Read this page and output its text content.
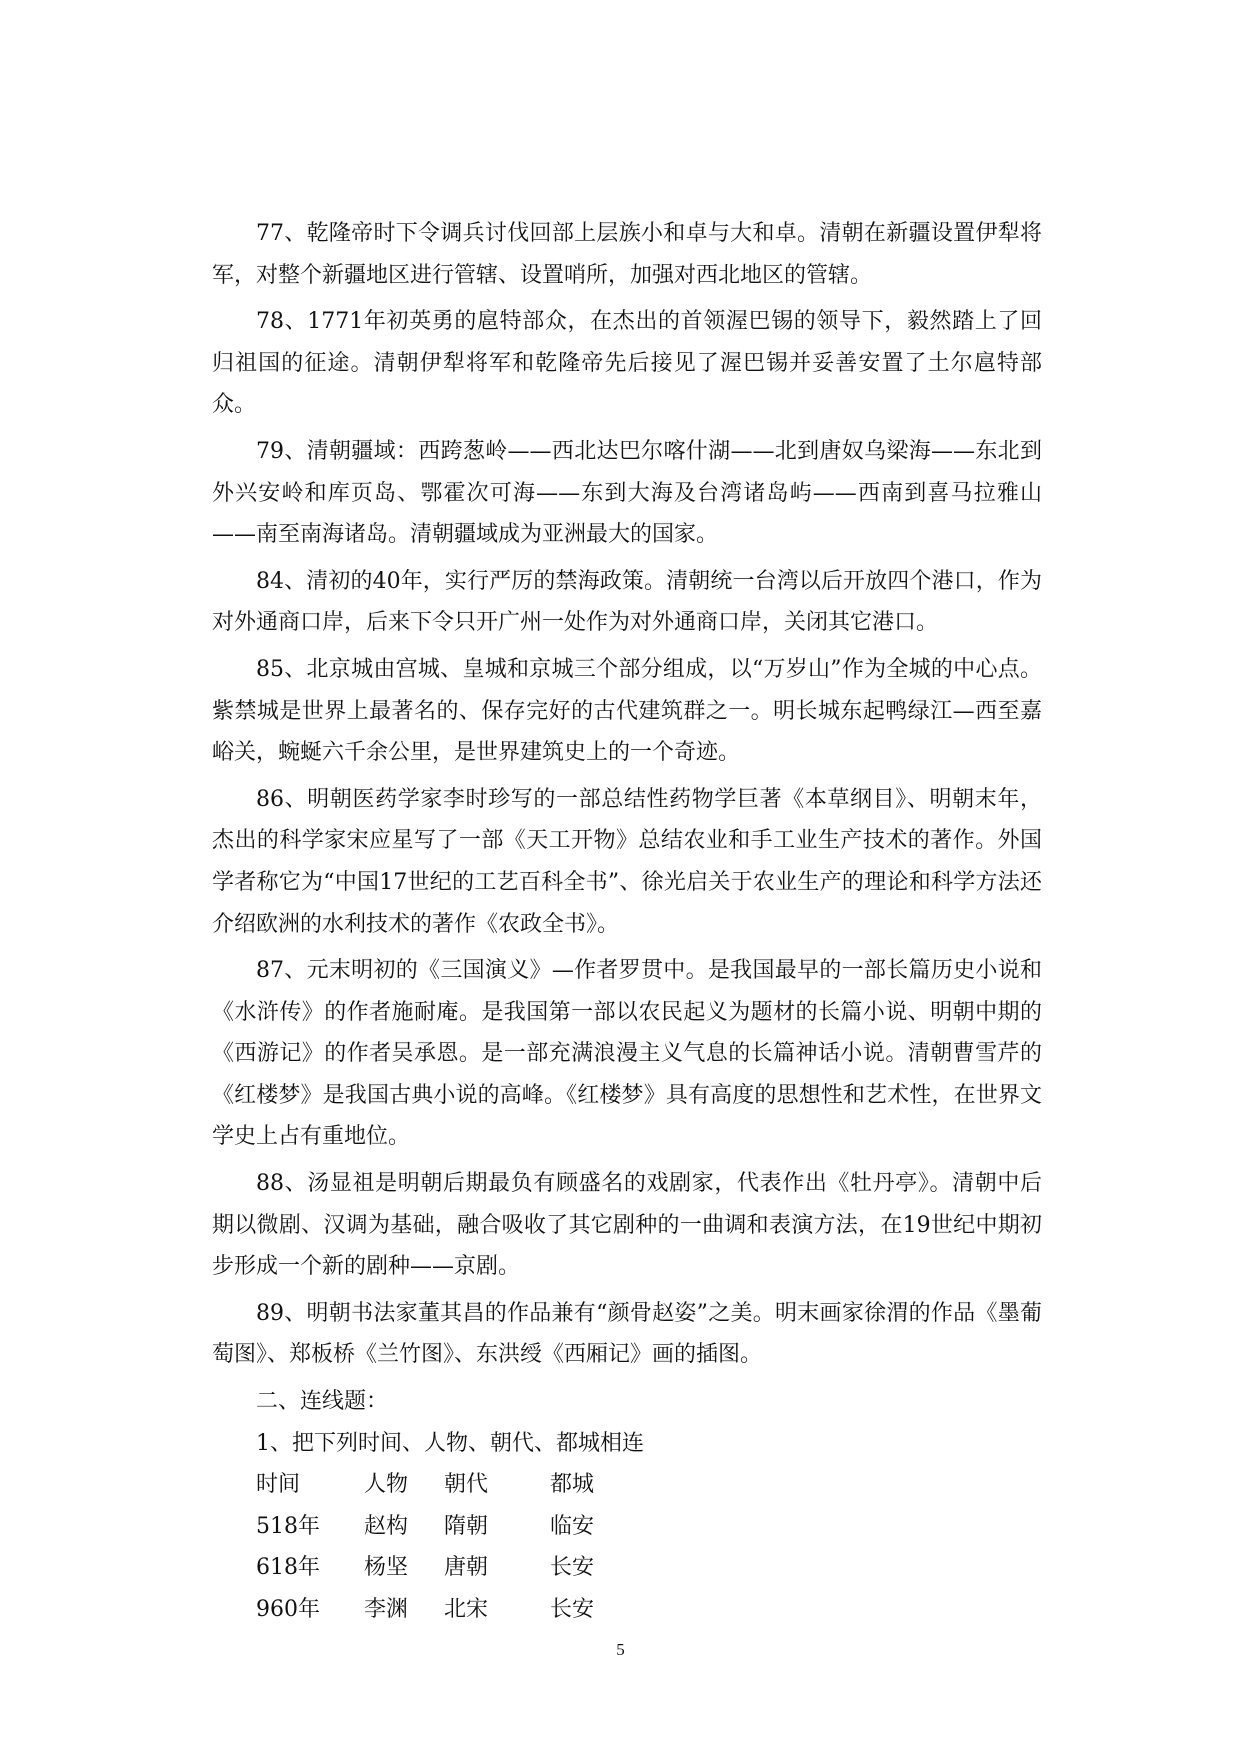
77、乾隆帝时下令调兵讨伐回部上层族小和卓与大和卓。清朝在新疆设置伊犁将军，对整个新疆地区进行管辖、设置哨所，加强对西北地区的管辖。

78、1771年初英勇的扈特部众，在杰出的首领渥巴锡的领导下，毅然踏上了回归祖国的征途。清朝伊犁将军和乾隆帝先后接见了渥巴锡并妥善安置了土尔扈特部众。

79、清朝疆域：西跨葱岭——西北达巴尔喀什湖——北到唐奴乌梁海——东北到外兴安岭和库页岛、鄂霍次可海——东到大海及台湾诸岛屿——西南到喜马拉雅山——南至南海诸岛。清朝疆域成为亚洲最大的国家。

84、清初的40年，实行严厉的禁海政策。清朝统一台湾以后开放四个港口，作为对外通商口岸，后来下令只开广州一处作为对外通商口岸，关闭其它港口。

85、北京城由宫城、皇城和京城三个部分组成，以“万岁山”作为全城的中心点。紫禁城是世界上最著名的、保存完好的古代建筑群之一。明长城东起鸭绿江—西至嘉峪关，蜿蜒六千余公里，是世界建筑史上的一个奇迹。

86、明朝医药学家李时珍写的一部总结性药物学巨著《本草纲目》、明朝末年，杰出的科学家宋应星写了一部《天工开物》总结农业和手工业生产技术的著作。外国学者称它为“中国17世纪的工艺百科全书”、徐光启关于农业生产的理论和科学方法还介绍欧洲的水利技术的著作《农政全书》。

87、元末明初的《三国演义》—作者罗贯中。是我国最早的一部长篇历史小说和《水浒传》的作者施耐庵。是我国第一部以农民起义为题材的长篇小说、明朝中期的《西游记》的作者吴承恩。是一部充满浪漫主义气息的长篇神话小说。清朝曹雪芹的《红楼梦》是我国古典小说的高峰。《红楼梦》具有高度的思想性和艺术性，在世界文学史上占有重地位。

88、汤显祖是明朝后期最负有顾盛名的戏剧家，代表作出《牡丹亭》。清朝中后期以微剧、汉调为基础，融合吸收了其它剧种的一曲调和表演方法，在19世纪中期初步形成一个新的剧种——京剧。

89、明朝书法家董其昌的作品兼有“颜骨赵姿”之美。明末画家徐渭的作品《墨葡萄图》、郑板桥《兰竹图》、东洪绶《西厢记》画的插图。

二、连线题：

1、把下列时间、人物、朝代、都城相连

时间	人物	朝代	都城
518年	赵构	隋朝	临安
618年	杨坚	唐朝	长安
960年	李渊	北宋	长安
5
